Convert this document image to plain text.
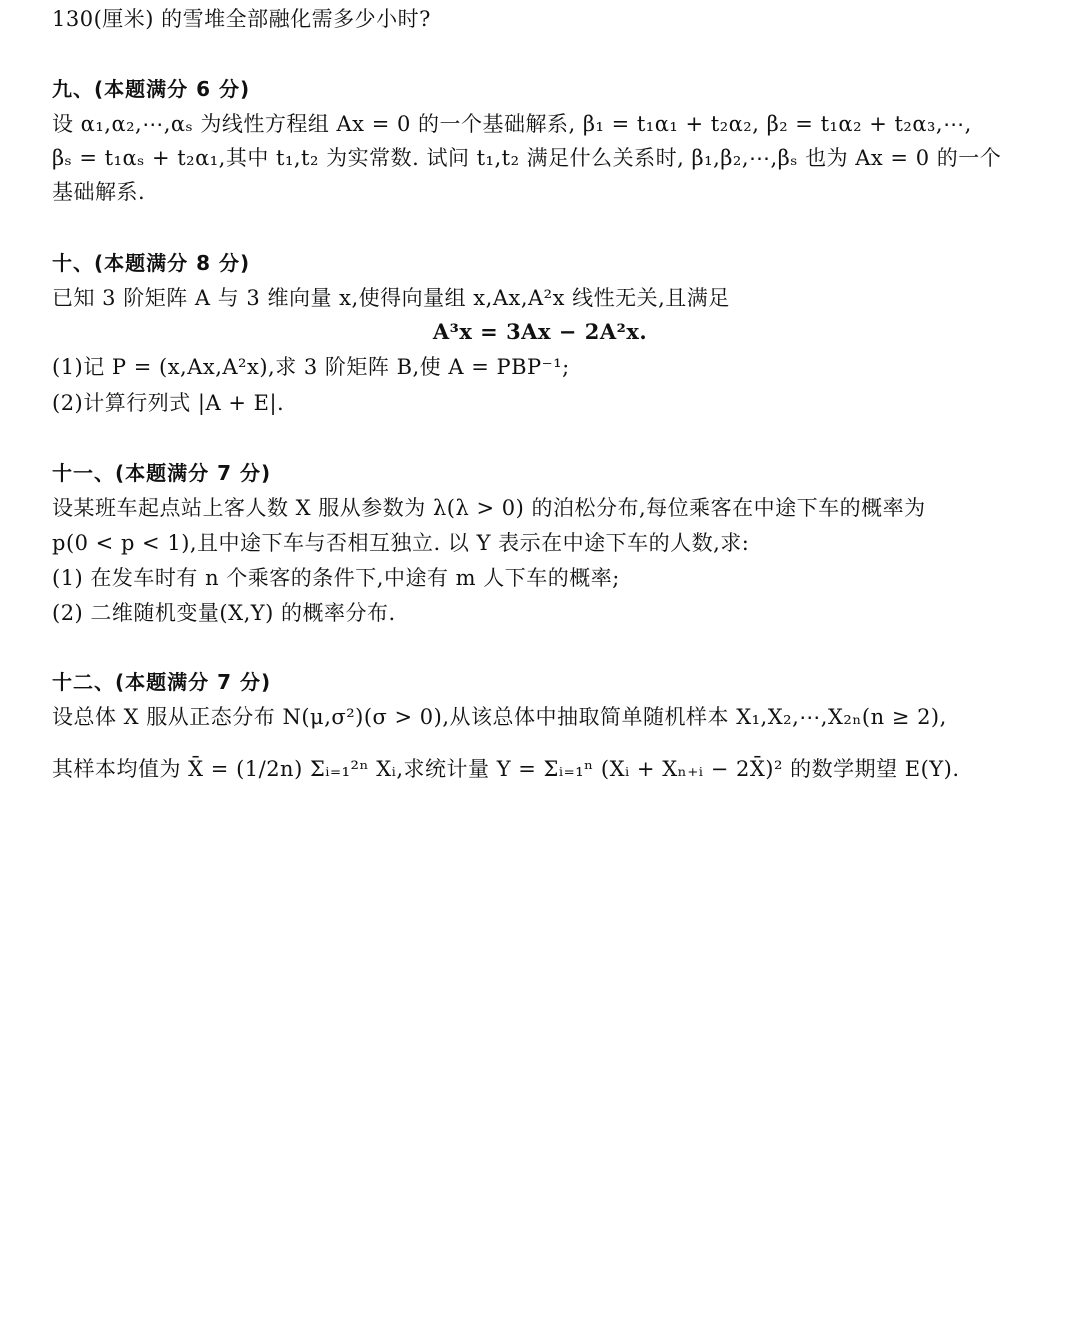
130(厘米) 的雪堆全部融化需多少小时?
九、(本题满分 6 分)
设 α₁,α₂,⋯,αₛ 为线性方程组 Ax = 0 的一个基础解系, β₁ = t₁α₁ + t₂α₂, β₂ = t₁α₂ + t₂α₃,⋯,
βₛ = t₁αₛ + t₂α₁,其中 t₁,t₂ 为实常数. 试问 t₁,t₂ 满足什么关系时, β₁,β₂,⋯,βₛ 也为 Ax = 0 的一个
基础解系.
十、(本题满分 8 分)
已知 3 阶矩阵 A 与 3 维向量 x,使得向量组 x,Ax,A²x 线性无关,且满足
A³x = 3Ax − 2A²x.
(1)记 P = (x,Ax,A²x),求 3 阶矩阵 B,使 A = PBP⁻¹;
(2)计算行列式 |A + E|.
十一、(本题满分 7 分)
设某班车起点站上客人数 X 服从参数为 λ(λ > 0) 的泊松分布,每位乘客在中途下车的概率为
p(0 < p < 1),且中途下车与否相互独立. 以 Y 表示在中途下车的人数,求:
(1) 在发车时有 n 个乘客的条件下,中途有 m 人下车的概率;
(2) 二维随机变量(X,Y) 的概率分布.
十二、(本题满分 7 分)
设总体 X 服从正态分布 N(μ,σ²)(σ > 0),从该总体中抽取简单随机样本 X₁,X₂,⋯,X₂ₙ(n ≥ 2),
其样本均值为 X̄ = (1/2n) Σᵢ₌₁²ⁿ Xᵢ,求统计量 Y = Σᵢ₌₁ⁿ (Xᵢ + Xₙ₊ᵢ − 2X̄)² 的数学期望 E(Y).
